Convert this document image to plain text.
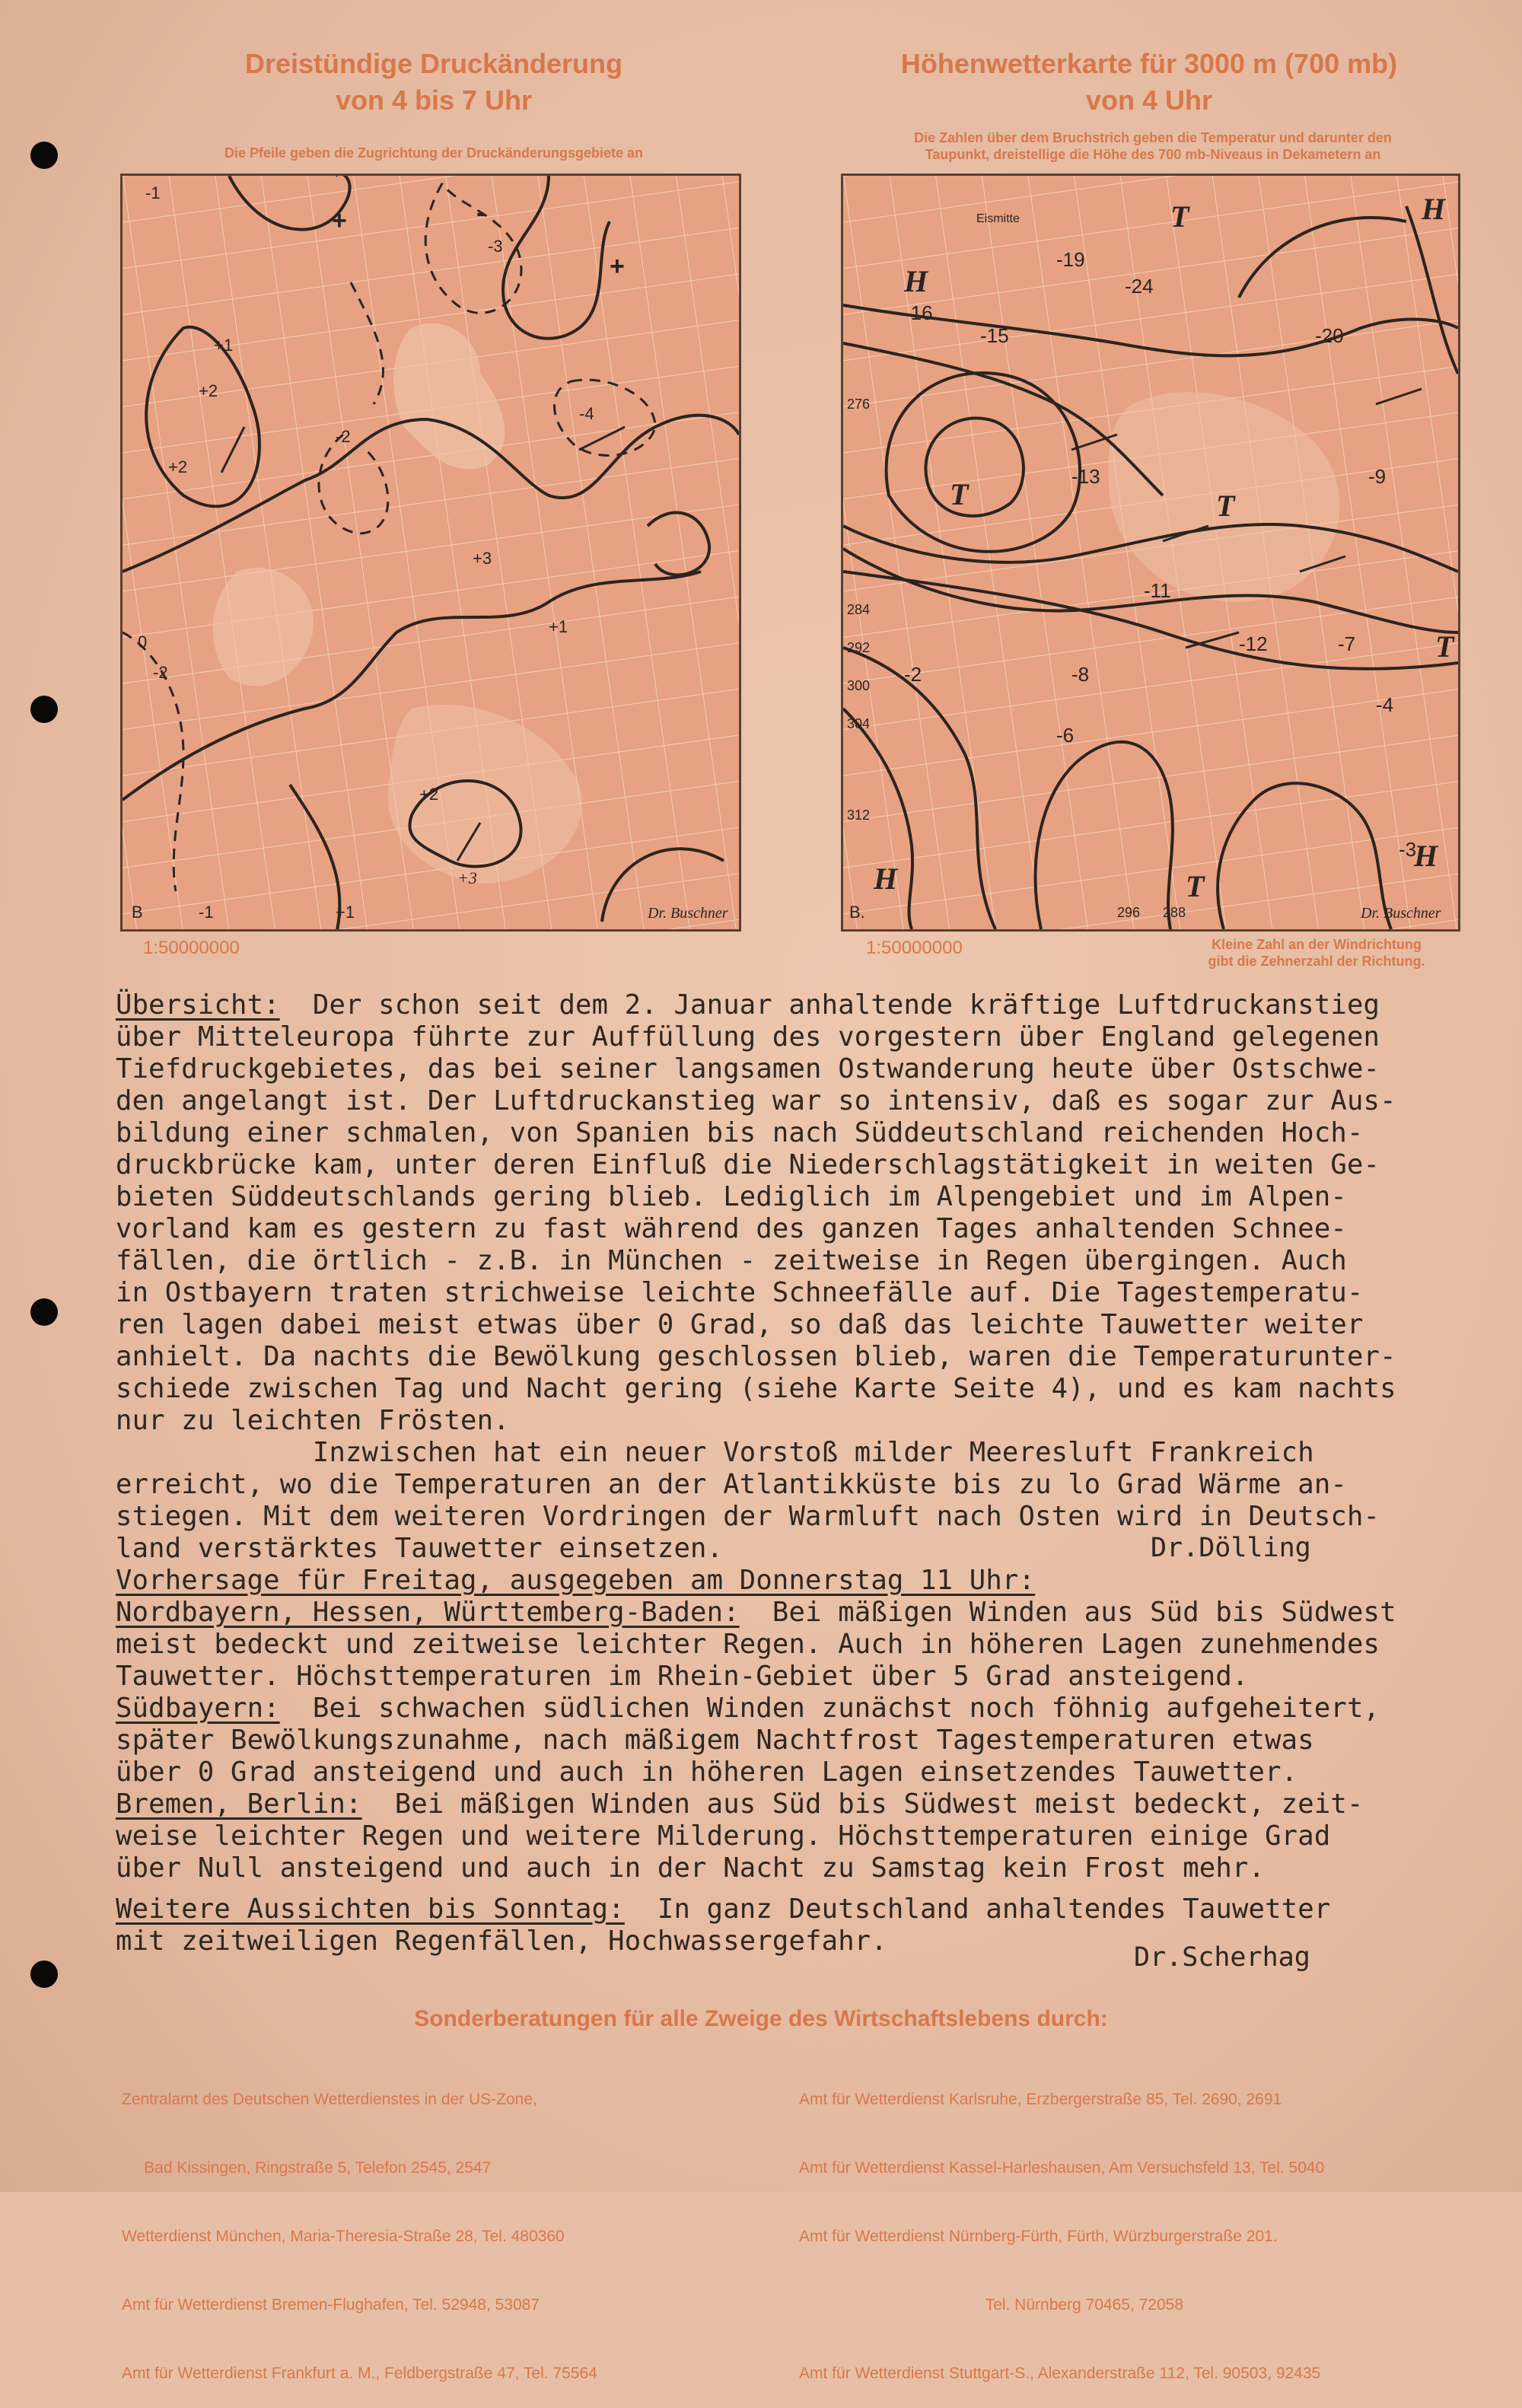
Dreistündige Druckänderung
von 4 bis 7 Uhr
Die Pfeile geben die Zugrichtung der Druckänderungsgebiete an
Höhenwetterkarte für 3000 m (700 mb)
von 4 Uhr
Die Zahlen über dem Bruchstrich geben die Temperatur und darunter den
Taupunkt, dreistellige die Höhe des 700 mb-Niveaus in Dekametern an
+3
+	-
+
+1
+2
+2
+3
-1
-2
-3
-4
0
+1
+2
-2
-1	+1
B	Dr. Buschner
1:50000000
H
H
T
T
T
T
H
H
T
-15
-16
-13
-19
-24
-20
-9
-11
-12	-7
-8
-6
-4
-2
-3
276
284
292
300
304
312
296 288
Eismitte
B.	Dr. Buschner
1:50000000	Kleine Zahl an der Windrichtung
gibt die Zehnerzahl der Richtung.
Übersicht:  Der schon seit dem 2. Januar anhaltende kräftige Luftdruckanstieg
über Mitteleuropa führte zur Auffüllung des vorgestern über England gelegenen
Tiefdruckgebietes, das bei seiner langsamen Ostwanderung heute über Ostschwe-
den angelangt ist. Der Luftdruckanstieg war so intensiv, daß es sogar zur Aus-
bildung einer schmalen, von Spanien bis nach Süddeutschland reichenden Hoch-
druckbrücke kam, unter deren Einfluß die Niederschlagstätigkeit in weiten Ge-
bieten Süddeutschlands gering blieb. Lediglich im Alpengebiet und im Alpen-
vorland kam es gestern zu fast während des ganzen Tages anhaltenden Schnee-
fällen, die örtlich - z.B. in München - zeitweise in Regen übergingen. Auch
in Ostbayern traten strichweise leichte Schneefälle auf. Die Tagestemperatu-
ren lagen dabei meist etwas über 0 Grad, so daß das leichte Tauwetter weiter
anhielt. Da nachts die Bewölkung geschlossen blieb, waren die Temperaturunter-
schiede zwischen Tag und Nacht gering (siehe Karte Seite 4), und es kam nachts
nur zu leichten Frösten.
Inzwischen hat ein neuer Vorstoß milder Meeresluft Frankreich
erreicht, wo die Temperaturen an der Atlantikküste bis zu lo Grad Wärme an-
stiegen. Mit dem weiteren Vordringen der Warmluft nach Osten wird in Deutsch-
land verstärktes Tauwetter einsetzen.	Dr.Dölling
Vorhersage für Freitag, ausgegeben am Donnerstag 11 Uhr:
Nordbayern, Hessen, Württemberg-Baden:  Bei mäßigen Winden aus Süd bis Südwest
meist bedeckt und zeitweise leichter Regen. Auch in höheren Lagen zunehmendes
Tauwetter. Höchsttemperaturen im Rhein-Gebiet über 5 Grad ansteigend.
Südbayern:  Bei schwachen südlichen Winden zunächst noch föhnig aufgeheitert,
später Bewölkungszunahme, nach mäßigem Nachtfrost Tagestemperaturen etwas
über 0 Grad ansteigend und auch in höheren Lagen einsetzendes Tauwetter.
Bremen, Berlin:  Bei mäßigen Winden aus Süd bis Südwest meist bedeckt, zeit-
weise leichter Regen und weitere Milderung. Höchsttemperaturen einige Grad
über Null ansteigend und auch in der Nacht zu Samstag kein Frost mehr.
Weitere Aussichten bis Sonntag:  In ganz Deutschland anhaltendes Tauwetter
mit zeitweiligen Regenfällen, Hochwassergefahr.
Dr.Scherhag
Sonderberatungen für alle Zweige des Wirtschaftslebens durch:

Zentralamt des Deutschen Wetterdienstes in der US-Zone,

Bad Kissingen, Ringstraße 5, Telefon 2545, 2547

Wetterdienst München, Maria-Theresia-Straße 28, Tel. 480360

Amt für Wetterdienst Bremen-Flughafen, Tel. 52948, 53087

Amt für Wetterdienst Frankfurt a. M., Feldbergstraße 47, Tel. 75564

Amt für Wetterdienst Karlsruhe, Erzbergerstraße 85, Tel. 2690, 2691

Amt für Wetterdienst Kassel-Harleshausen, Am Versuchsfeld 13, Tel. 5040

Amt für Wetterdienst Nürnberg-Fürth, Fürth, Würzburgerstraße 201.

Tel. Nürnberg 70465, 72058

Amt für Wetterdienst Stuttgart-S., Alexanderstraße 112, Tel. 90503, 92435
